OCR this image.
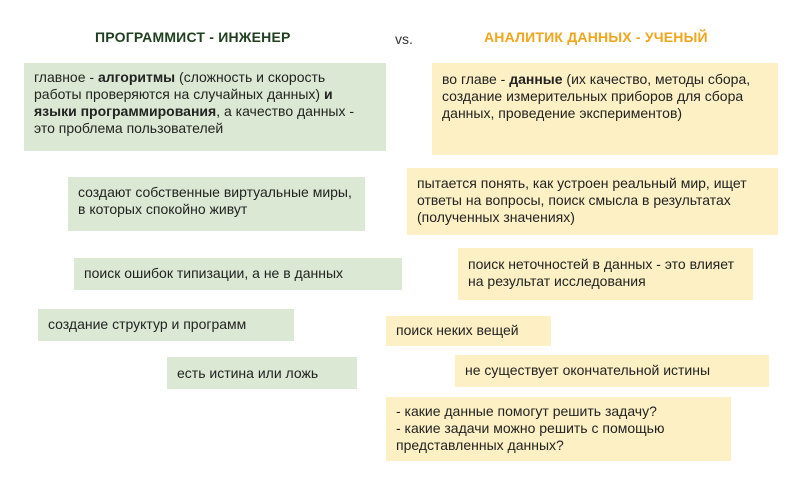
ПРОГРАММИСТ - ИНЖЕНЕР	vs.	АНАЛИТИК ДАННЫХ - УЧЕНЫЙ
главное - алгоритмы (сложность и скорость работы проверяются на случайных данных) и языки программирования, а качество данных - это проблема пользователей
создают собственные виртуальные миры, в которых спокойно живут
поиск ошибок типизации, а не в данных
создание структур и программ
есть истина или ложь
во главе - данные (их качество, методы сбора, создание измерительных приборов для сбора данных, проведение экспериментов)
пытается понять, как устроен реальный мир, ищет ответы на вопросы, поиск смысла в результатах (полученных значениях)
поиск неточностей в данных - это влияет на результат исследования
поиск неких вещей
не существует окончательной истины
- какие данные помогут решить задачу?
- какие задачи можно решить с помощью представленных данных?
